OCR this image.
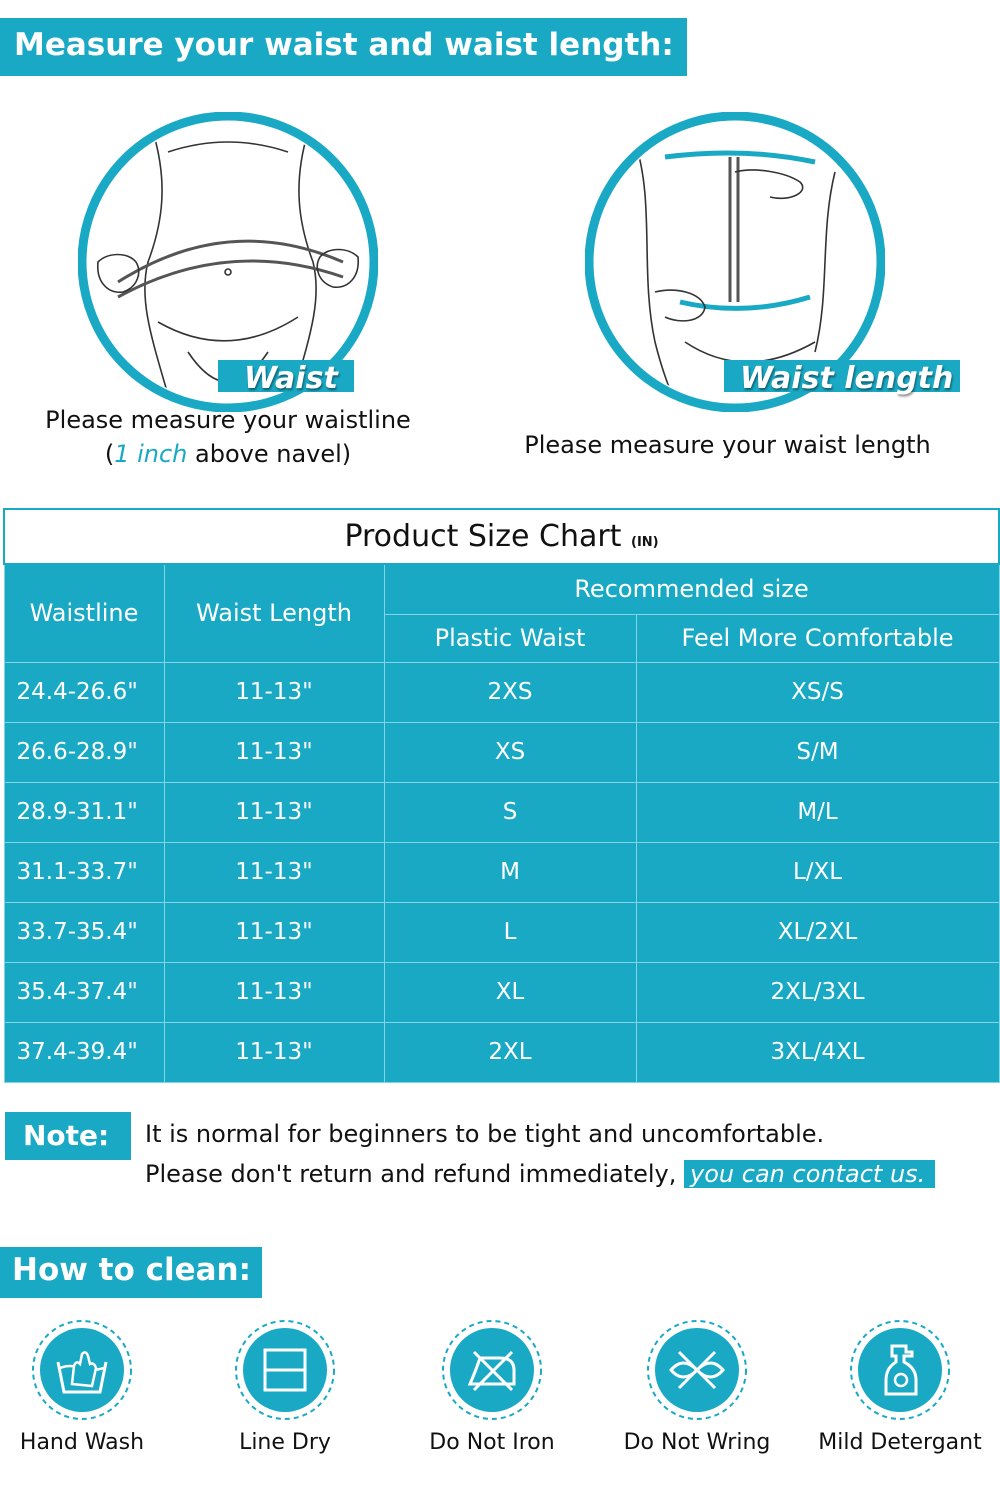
Measure your waist and waist length:
Waist	Waist length
Please measure your waistline
(1 inch above navel)	Please measure your waist length
Product Size Chart (IN)			
Waistline	Waist Length	Recommended size	
		Plastic Waist	Feel More Comfortable
24.4-26.6"	11-13"	2XS	XS/S
26.6-28.9"	11-13"	XS	S/M
28.9-31.1"	11-13"	S	M/L
31.1-33.7"	11-13"	M	L/XL
33.7-35.4"	11-13"	L	XL/2XL
35.4-37.4"	11-13"	XL	2XL/3XL
37.4-39.4"	11-13"	2XL	3XL/4XL
Note:	It is normal for beginners to be tight and uncomfortable.
Please don't return and refund immediately, you can contact us.
How to clean:
Hand Wash	Line Dry	Do Not Iron	Do Not Wring	Mild Detergant
